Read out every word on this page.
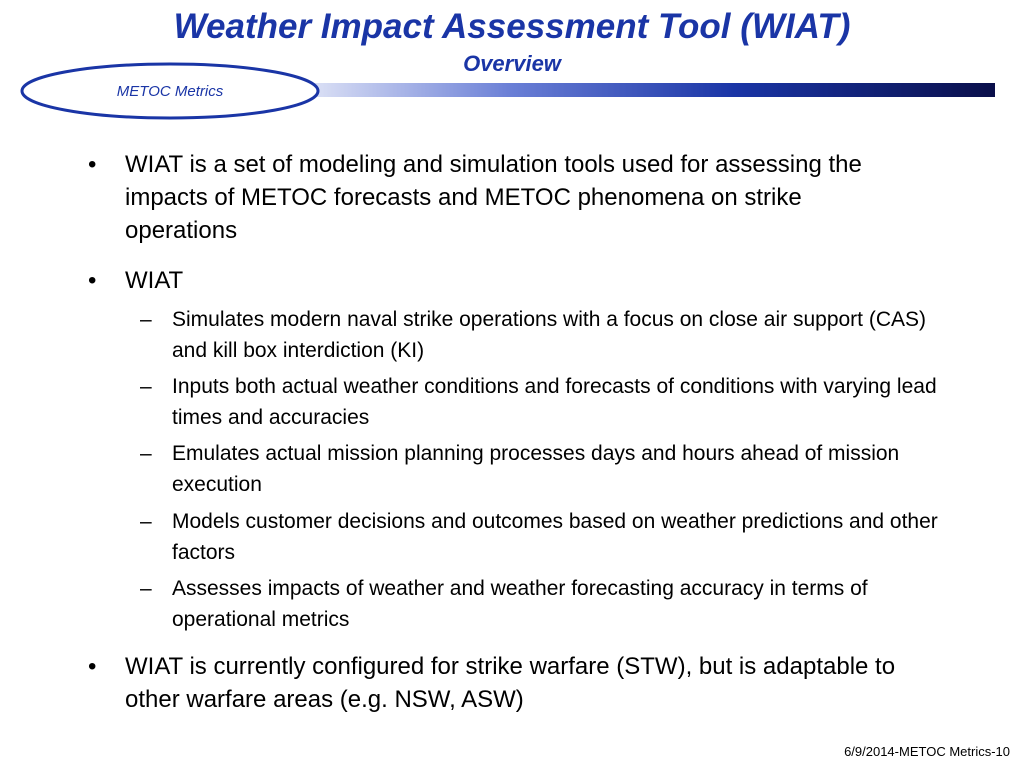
Weather Impact Assessment Tool (WIAT)
Overview
METOC Metrics
• WIAT is a set of modeling and simulation tools used for assessing the impacts of METOC forecasts and METOC phenomena on strike operations
• WIAT
– Simulates modern naval strike operations with a focus on close air support (CAS) and kill box interdiction (KI)
– Inputs both actual weather conditions and forecasts of conditions with varying lead times and accuracies
– Emulates actual mission planning processes days and hours ahead of mission execution
– Models customer decisions and outcomes based on weather predictions and other factors
– Assesses impacts of weather and weather forecasting accuracy in terms of operational metrics
• WIAT is currently configured for strike warfare (STW), but is adaptable to other warfare areas (e.g. NSW, ASW)
6/9/2014-METOC Metrics-10
